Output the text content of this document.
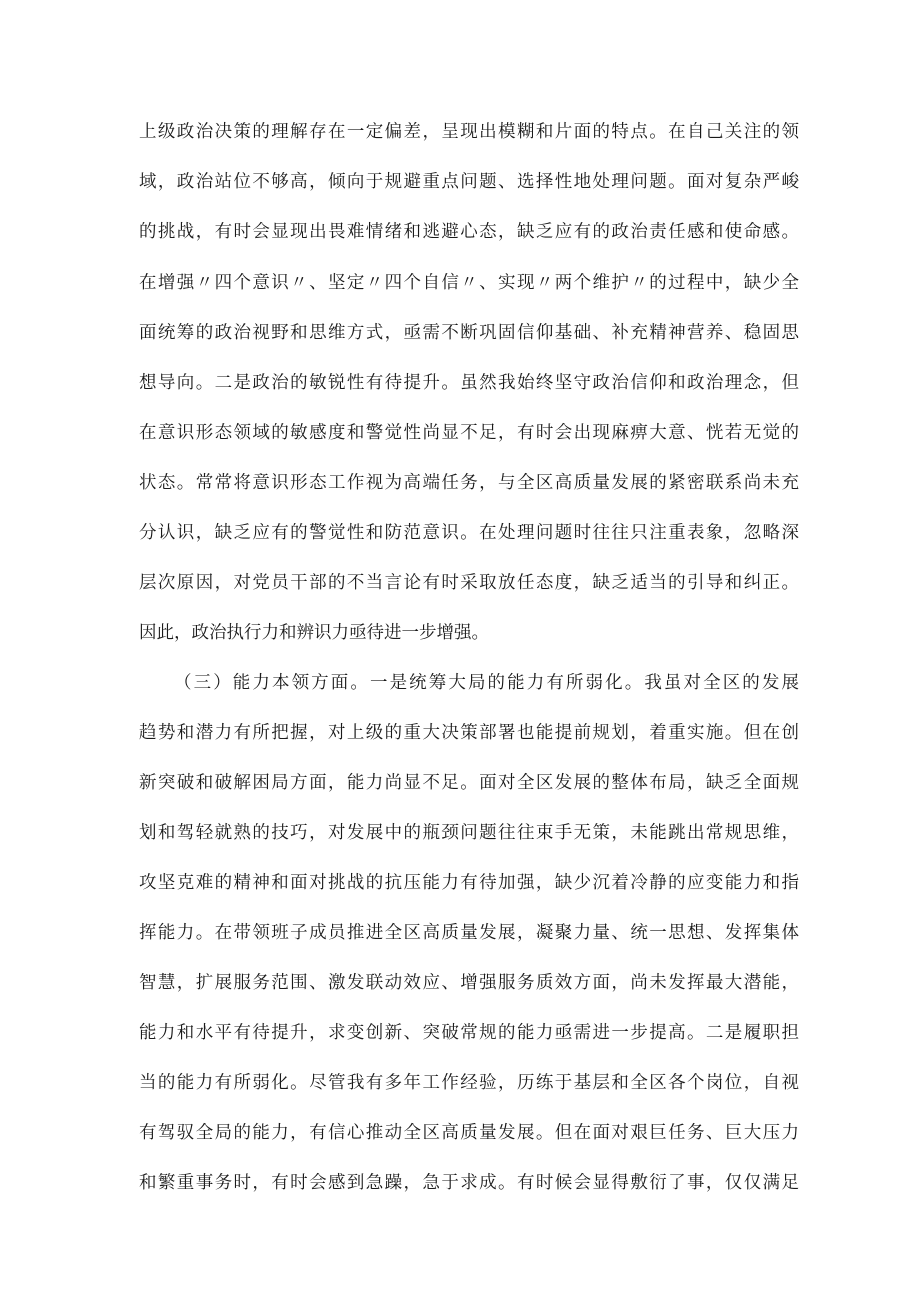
上级政治决策的理解存在一定偏差，呈现出模糊和片面的特点。在自己关注的领

域，政治站位不够高，倾向于规避重点问题、选择性地处理问题。面对复杂严峻

的挑战，有时会显现出畏难情绪和逃避心态，缺乏应有的政治责任感和使命感。

在增强〃四个意识〃、坚定〃四个自信〃、实现〃两个维护〃的过程中，缺少全

面统筹的政治视野和思维方式，亟需不断巩固信仰基础、补充精神营养、稳固思

想导向。二是政治的敏锐性有待提升。虽然我始终坚守政治信仰和政治理念，但

在意识形态领域的敏感度和警觉性尚显不足，有时会出现麻痹大意、恍若无觉的

状态。常常将意识形态工作视为高端任务，与全区高质量发展的紧密联系尚未充

分认识，缺乏应有的警觉性和防范意识。在处理问题时往往只注重表象，忽略深

层次原因，对党员干部的不当言论有时采取放任态度，缺乏适当的引导和纠正。

因此，政治执行力和辨识力亟待进一步增强。

（三）能力本领方面。一是统筹大局的能力有所弱化。我虽对全区的发展

趋势和潜力有所把握，对上级的重大决策部署也能提前规划，着重实施。但在创

新突破和破解困局方面，能力尚显不足。面对全区发展的整体布局，缺乏全面规

划和驾轻就熟的技巧，对发展中的瓶颈问题往往束手无策，未能跳出常规思维，

攻坚克难的精神和面对挑战的抗压能力有待加强，缺少沉着冷静的应变能力和指

挥能力。在带领班子成员推进全区高质量发展，凝聚力量、统一思想、发挥集体

智慧，扩展服务范围、激发联动效应、增强服务质效方面，尚未发挥最大潜能，

能力和水平有待提升，求变创新、突破常规的能力亟需进一步提高。二是履职担

当的能力有所弱化。尽管我有多年工作经验，历练于基层和全区各个岗位，自视

有驾驭全局的能力，有信心推动全区高质量发展。但在面对艰巨任务、巨大压力

和繁重事务时，有时会感到急躁，急于求成。有时候会显得敷衍了事，仅仅满足
